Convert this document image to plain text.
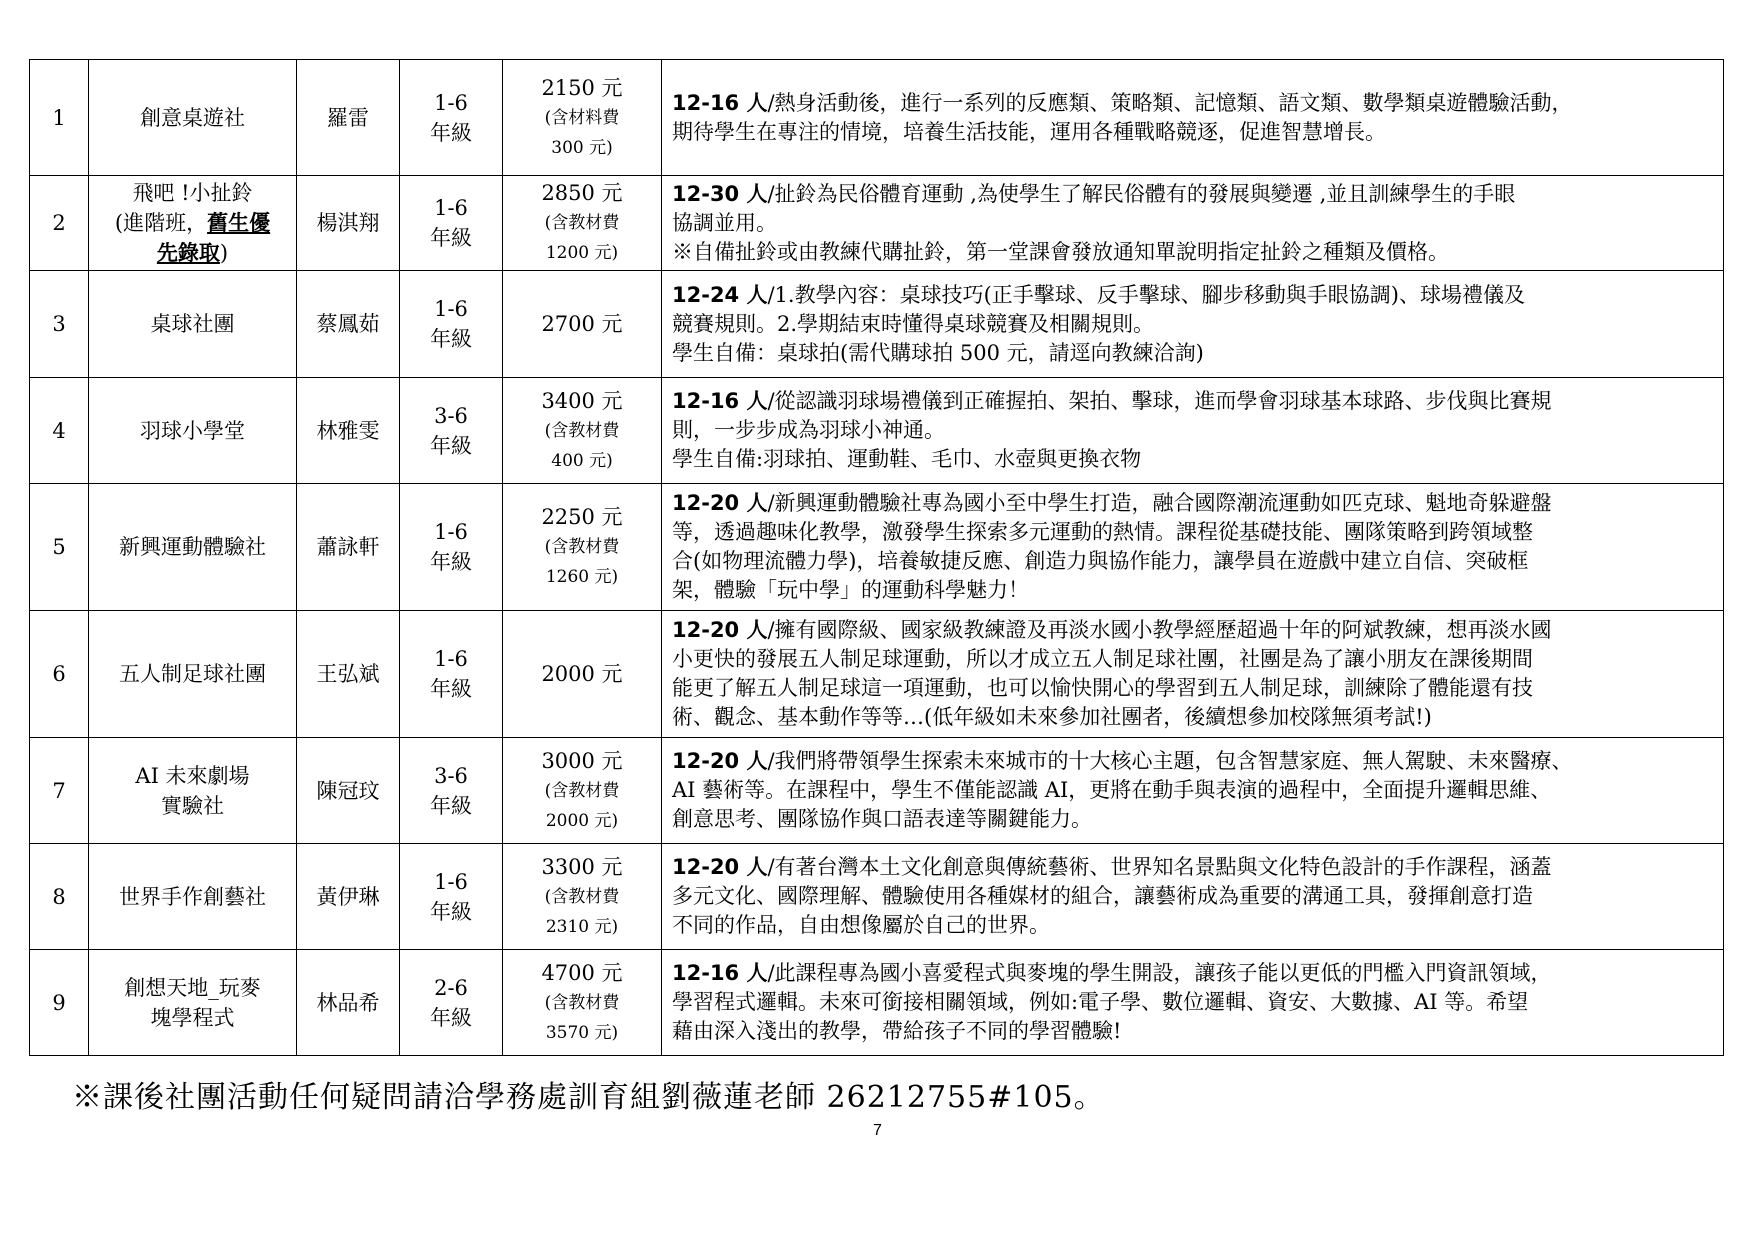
1	創意桌遊社	羅雷	1-6
年級	2150 元
(含材料費
300 元)	12-16 人/熱身活動後，進行一系列的反應類、策略類、記憶類、語文類、數學類桌遊體驗活動，
期待學生在專注的情境，培養生活技能，運用各種戰略競逐，促進智慧增長。

2	飛吧 !小扯鈴
(進階班，舊生優
先錄取)	楊淇翔	1-6
年級	2850 元
(含教材費
1200 元)	12-30 人/扯鈴為民俗體育運動 ,為使學生了解民俗體有的發展與變遷 ,並且訓練學生的手眼
協調並用。
※自備扯鈴或由教練代購扯鈴，第一堂課會發放通知單說明指定扯鈴之種類及價格。

3	桌球社團	蔡鳳茹	1-6
年級	2700 元	12-24 人/1.教學內容：桌球技巧(正手擊球、反手擊球、腳步移動與手眼協調)、球場禮儀及
競賽規則。2.學期結束時懂得桌球競賽及相關規則。
學生自備：桌球拍(需代購球拍 500 元，請逕向教練洽詢)

4	羽球小學堂	林雅雯	3-6
年級	3400 元
(含教材費
400 元)	12-16 人/從認識羽球場禮儀到正確握拍、架拍、擊球，進而學會羽球基本球路、步伐與比賽規
則，一步步成為羽球小神通。
學生自備:羽球拍、運動鞋、毛巾、水壺與更換衣物

5	新興運動體驗社	蕭詠軒	1-6
年級	2250 元
(含教材費
1260 元)	12-20 人/新興運動體驗社專為國小至中學生打造，融合國際潮流運動如匹克球、魁地奇躲避盤
等，透過趣味化教學，激發學生探索多元運動的熱情。課程從基礎技能、團隊策略到跨領域整
合(如物理流體力學)，培養敏捷反應、創造力與協作能力，讓學員在遊戲中建立自信、突破框
架，體驗「玩中學」的運動科學魅力！

6	五人制足球社團	王弘斌	1-6
年級	2000 元	12-20 人/擁有國際級、國家級教練證及再淡水國小教學經歷超過十年的阿斌教練，想再淡水國
小更快的發展五人制足球運動，所以才成立五人制足球社團，社團是為了讓小朋友在課後期間
能更了解五人制足球這一項運動，也可以愉快開心的學習到五人制足球，訓練除了體能還有技
術、觀念、基本動作等等…(低年級如未來參加社團者，後續想參加校隊無須考試!)

7	AI 未來劇場
實驗社	陳冠玟	3-6
年級	3000 元
(含教材費
2000 元)	12-20 人/我們將帶領學生探索未來城市的十大核心主題，包含智慧家庭、無人駕駛、未來醫療、
AI 藝術等。在課程中，學生不僅能認識 AI，更將在動手與表演的過程中，全面提升邏輯思維、
創意思考、團隊協作與口語表達等關鍵能力。

8	世界手作創藝社	黃伊琳	1-6
年級	3300 元
(含教材費
2310 元)	12-20 人/有著台灣本土文化創意與傳統藝術、世界知名景點與文化特色設計的手作課程，涵蓋
多元文化、國際理解、體驗使用各種媒材的組合，讓藝術成為重要的溝通工具，發揮創意打造
不同的作品，自由想像屬於自己的世界。

9	創想天地_玩麥
塊學程式	林品希	2-6
年級	4700 元
(含教材費
3570 元)	12-16 人/此課程專為國小喜愛程式與麥塊的學生開設，讓孩子能以更低的門檻入門資訊領域，
學習程式邏輯。未來可銜接相關領域，例如:電子學、數位邏輯、資安、大數據、AI 等。希望
藉由深入淺出的教學，帶給孩子不同的學習體驗!
※課後社團活動任何疑問請洽學務處訓育組劉薇蓮老師 26212755#105。
7
